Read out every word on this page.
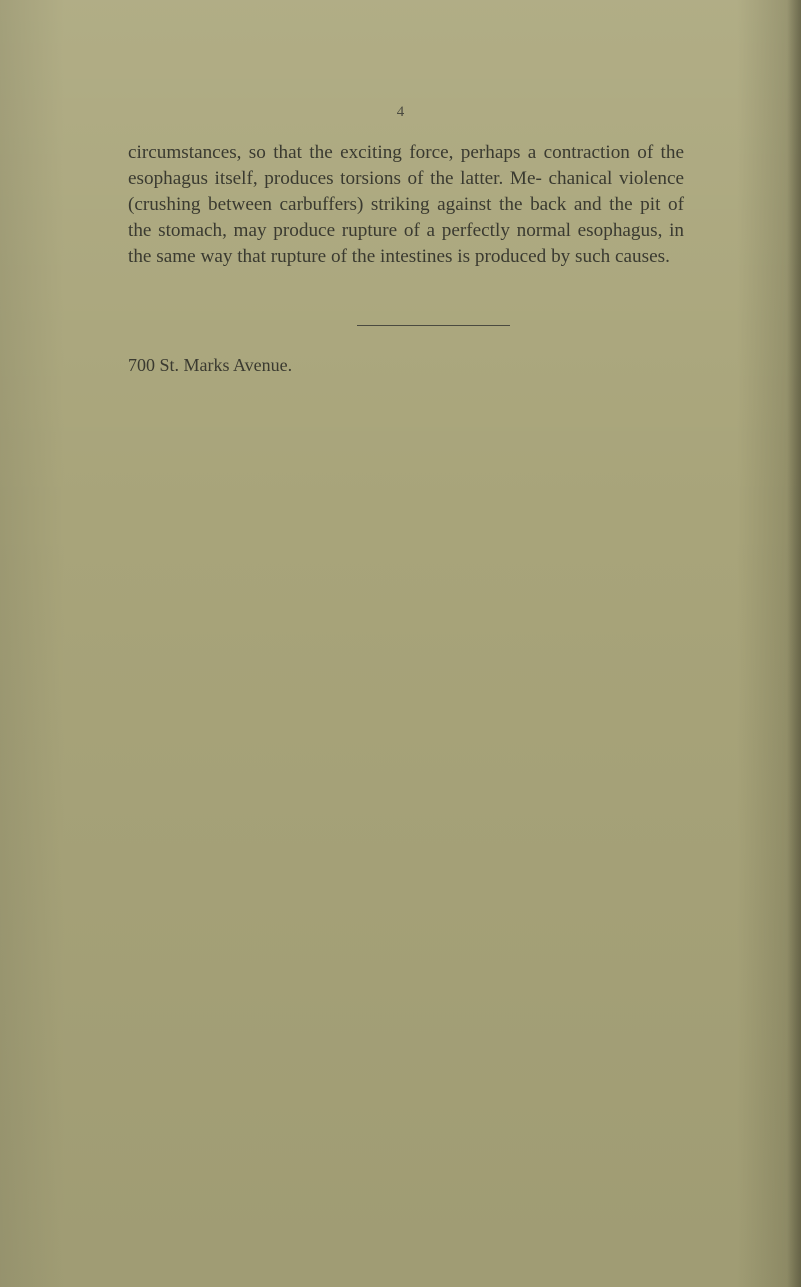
4

circumstances, so that the exciting force, perhaps a contraction of the esophagus itself, produces torsions of the latter. Me- chanical violence (crushing between carbuffers) striking against the back and the pit of the stomach, may produce rupture of a perfectly normal esophagus, in the same way that rupture of the intestines is produced by such causes.

700 St. Marks Avenue.
